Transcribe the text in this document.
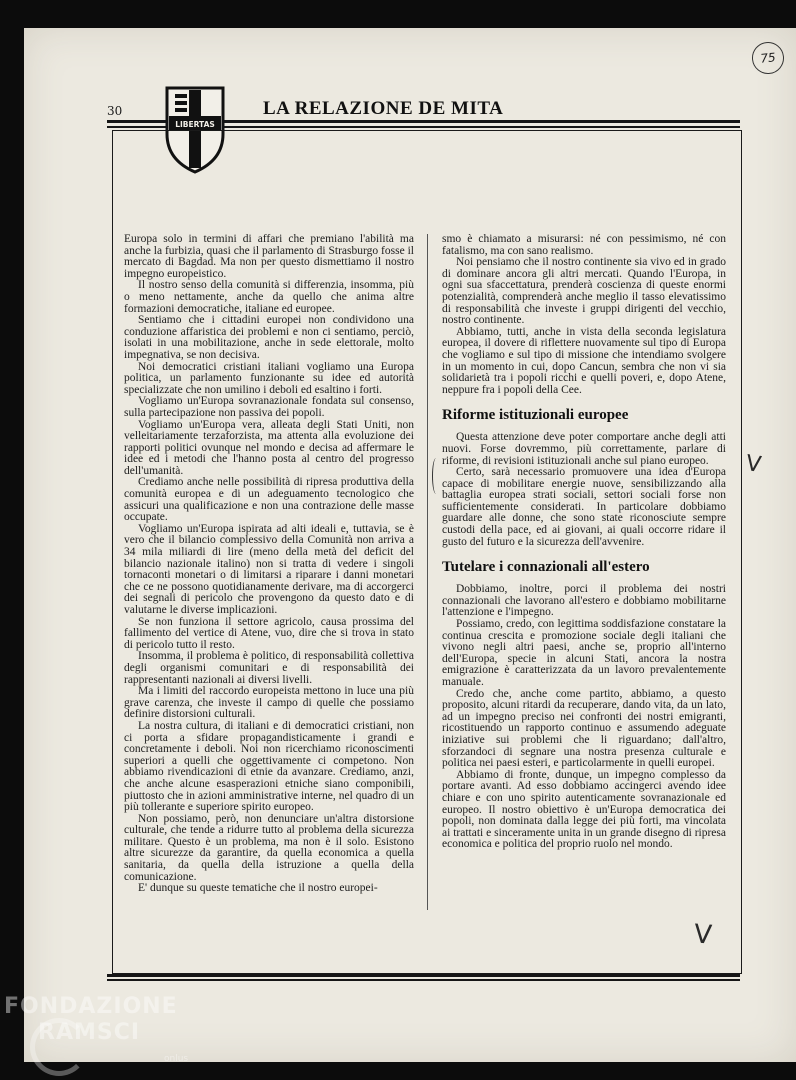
75
30	LA RELAZIONE DE MITA
LIBERTAS

Europa solo in termini di affari che premiano l'abilità ma anche la furbizia, quasi che il parlamento di Strasburgo fosse il mercato di Bagdad. Ma non per questo dismettiamo il nostro impegno europeistico.

Il nostro senso della comunità si differenzia, insomma, più o meno nettamente, anche da quello che anima altre formazioni democratiche, italiane ed europee.

Sentiamo che i cittadini europei non condividono una conduzione affaristica dei problemi e non ci sentiamo, perciò, isolati in una mobilitazione, anche in sede elettorale, molto impegnativa, se non decisiva.

Noi democratici cristiani italiani vogliamo una Europa politica, un parlamento funzionante su idee ed autorità specializzate che non umilino i deboli ed esaltino i forti.

Vogliamo un'Europa sovranazionale fondata sul consenso, sulla partecipazione non passiva dei popoli.

Vogliamo un'Europa vera, alleata degli Stati Uniti, non velleitariamente terzaforzista, ma attenta alla evoluzione dei rapporti politici ovunque nel mondo e decisa ad affermare le idee ed i metodi che l'hanno posta al centro del progresso dell'umanità.

Crediamo anche nelle possibilità di ripresa produttiva della comunità europea e di un adeguamento tecnologico che assicuri una qualificazione e non una contrazione delle masse occupate.

Vogliamo un'Europa ispirata ad alti ideali e, tuttavia, se è vero che il bilancio complessivo della Comunità non arriva a 34 mila miliardi di lire (meno della metà del deficit del bilancio nazionale italino) non si tratta di vedere i singoli tornaconti monetari o di limitarsi a riparare i danni monetari che ce ne possono quotidianamente derivare, ma di accorgerci dei segnali di pericolo che provengono da questo dato e di valutarne le diverse implicazioni.

Se non funziona il settore agricolo, causa prossima del fallimento del vertice di Atene, vuo, dire che si trova in stato di pericolo tutto il resto.

Insomma, il problema è politico, di responsabilità collettiva degli organismi comunitari e di responsabilità dei rappresentanti nazionali ai diversi livelli.

Ma i limiti del raccordo europeista mettono in luce una più grave carenza, che investe il campo di quelle che possiamo definire distorsioni culturali.

La nostra cultura, di italiani e di democratici cristiani, non ci porta a sfidare propagandisticamente i grandi e concretamente i deboli. Noi non ricerchiamo riconoscimenti superiori a quelli che oggettivamente ci competono. Non abbiamo rivendicazioni di etnie da avanzare. Crediamo, anzi, che anche alcune esasperazioni etniche siano componibili, piuttosto che in azioni amministrative interne, nel quadro di un più tollerante e superiore spirito europeo.

Non possiamo, però, non denunciare un'altra distorsione culturale, che tende a ridurre tutto al problema della sicurezza militare. Questo è un problema, ma non è il solo. Esistono altre sicurezze da garantire, da quella economica a quella sanitaria, da quella della istruzione a quella della comunicazione.

E' dunque su queste tematiche che il nostro europei-

smo è chiamato a misurarsi: né con pessimismo, né con fatalismo, ma con sano realismo.

Noi pensiamo che il nostro continente sia vivo ed in grado di dominare ancora gli altri mercati. Quando l'Europa, in ogni sua sfaccettatura, prenderà coscienza di queste enormi potenzialità, comprenderà anche meglio il tasso elevatissimo di responsabilità che investe i gruppi dirigenti del vecchio, nostro continente.

Abbiamo, tutti, anche in vista della seconda legislatura europea, il dovere di riflettere nuovamente sul tipo di Europa che vogliamo e sul tipo di missione che intendiamo svolgere in un momento in cui, dopo Cancun, sembra che non vi sia solidarietà tra i popoli ricchi e quelli poveri, e, dopo Atene, neppure fra i popoli della Cee.

Riforme istituzionali europee

Questa attenzione deve poter comportare anche degli atti nuovi. Forse dovremmo, più correttamente, parlare di riforme, di revisioni istituzionali anche sul piano europeo.

Certo, sarà necessario promuovere una idea d'Europa capace di mobilitare energie nuove, sensibilizzando alla battaglia europea strati sociali, settori sociali forse non sufficientemente considerati. In particolare dobbiamo guardare alle donne, che sono state riconosciute sempre custodi della pace, ed ai giovani, ai quali occorre ridare il gusto del futuro e la sicurezza dell'avvenire.

Tutelare i connazionali all'estero

Dobbiamo, inoltre, porci il problema dei nostri connazionali che lavorano all'estero e dobbiamo mobilitarne l'attenzione e l'impegno.

Possiamo, credo, con legittima soddisfazione constatare la continua crescita e promozione sociale degli italiani che vivono negli altri paesi, anche se, proprio all'interno dell'Europa, specie in alcuni Stati, ancora la nostra emigrazione è caratterizzata da un lavoro prevalentemente manuale.

Credo che, anche come partito, abbiamo, a questo proposito, alcuni ritardi da recuperare, dando vita, da un lato, ad un impegno preciso nei confronti dei nostri emigranti, ricostituendo un rapporto continuo e assumendo adeguate iniziative sui problemi che li riguardano; dall'altro, sforzandoci di segnare una nostra presenza culturale e politica nei paesi esteri, e particolarmente in quelli europei.

Abbiamo di fronte, dunque, un impegno complesso da portare avanti. Ad esso dobbiamo accingerci avendo idee chiare e con uno spirito autenticamente sovranazionale ed europeo. Il nostro obiettivo è un'Europa democratica dei popoli, non dominata dalla legge dei più forti, ma vincolata ai trattati e sinceramente unita in un grande disegno di ripresa economica e politica del proprio ruolo nel mondo.

V
V
FONDAZIONE
RAMSCI
onlus
